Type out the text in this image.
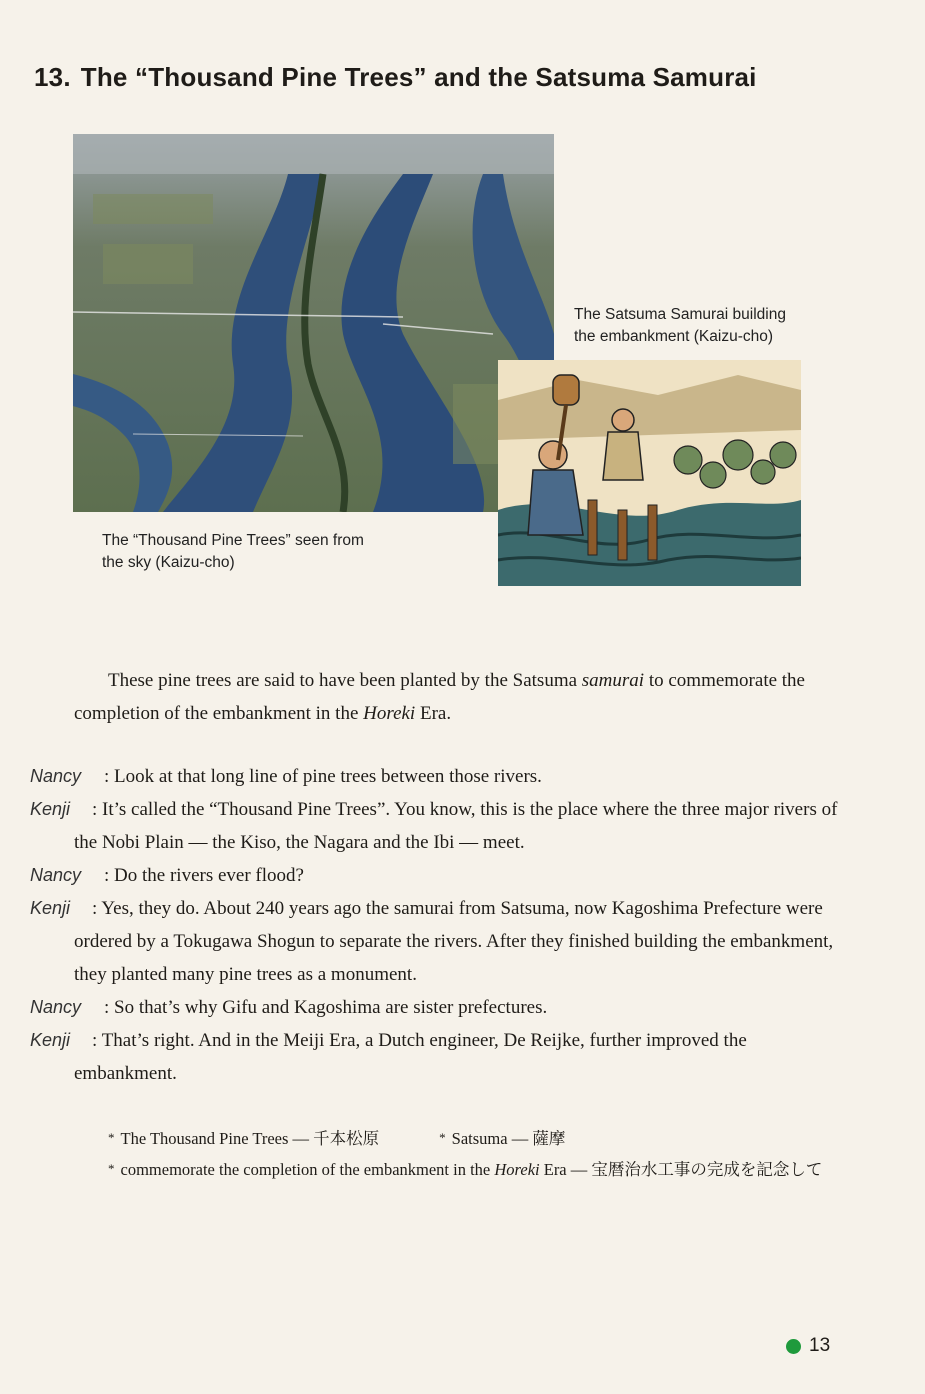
13. The “Thousand Pine Trees” and the Satsuma Samurai
The “Thousand Pine Trees” seen from
the sky (Kaizu-cho)
The Satsuma Samurai building
the embankment (Kaizu-cho)

These pine trees are said to have been planted by the Satsuma samurai to commemorate the completion of the embankment in the Horeki Era.

Nancy : Look at that long line of pine trees between those rivers.

Kenji : It’s called the “Thousand Pine Trees”. You know, this is the place where the three major rivers of the Nobi Plain — the Kiso, the Nagara and the Ibi — meet.

Nancy : Do the rivers ever flood?

Kenji : Yes, they do. About 240 years ago the samurai from Satsuma, now Kagoshima Prefecture were ordered by a Tokugawa Shogun to separate the rivers. After they finished building the embankment, they planted many pine trees as a monument.

Nancy : So that’s why Gifu and Kagoshima are sister prefectures.

Kenji : That’s right. And in the Meiji Era, a Dutch engineer, De Reijke, further improved the embankment.

* The Thousand Pine Trees — 千本松原	* Satsuma — 薩摩
* commemorate the completion of the embankment in the Horeki Era — 宝暦治水工事の完成を記念して
13
